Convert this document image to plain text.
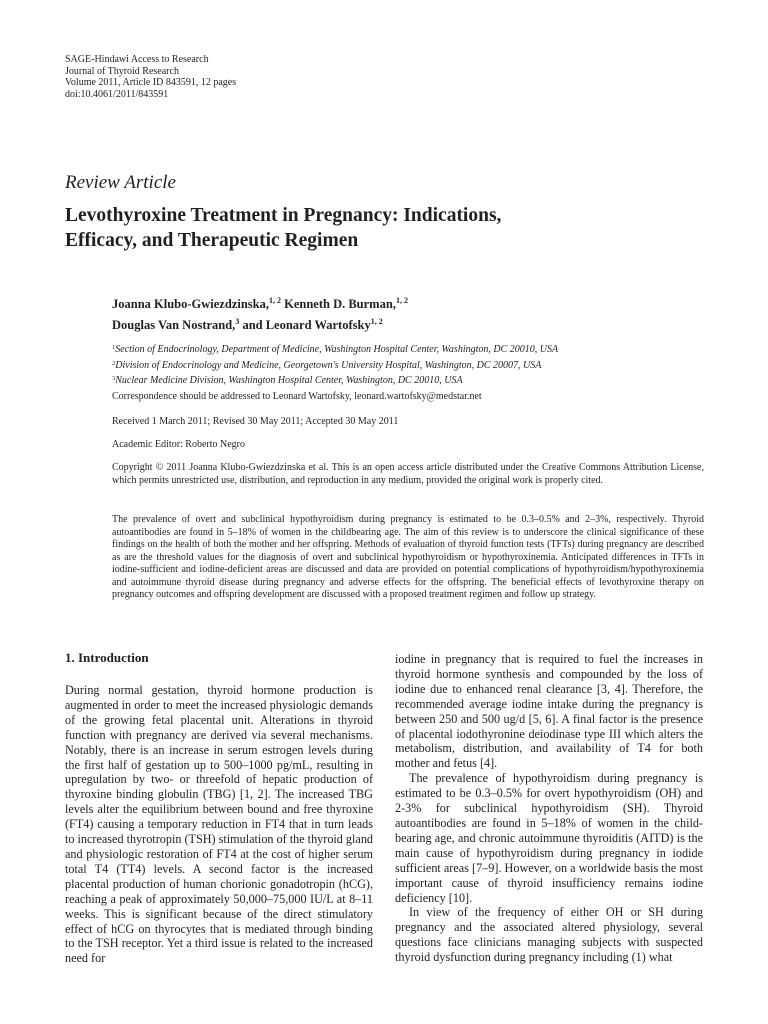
SAGE-Hindawi Access to Research
Journal of Thyroid Research
Volume 2011, Article ID 843591, 12 pages
doi:10.4061/2011/843591
Review Article
Levothyroxine Treatment in Pregnancy: Indications,
Efficacy, and Therapeutic Regimen
Joanna Klubo-Gwiezdzinska,$^{1, 2}$ Kenneth D. Burman,$^{1, 2}$
Douglas Van Nostrand,$^3$ and Leonard Wartofsky$^{1, 2}$
$^1$Section of Endocrinology, Department of Medicine, Washington Hospital Center, Washington, DC 20010, USA
$^2$Division of Endocrinology and Medicine, Georgetown's University Hospital, Washington, DC 20007, USA
$^3$Nuclear Medicine Division, Washington Hospital Center, Washington, DC 20010, USA
Correspondence should be addressed to Leonard Wartofsky, leonard.wartofsky@medstar.net
Received 1 March 2011; Revised 30 May 2011; Accepted 30 May 2011
Academic Editor: Roberto Negro
Copyright © 2011 Joanna Klubo-Gwiezdzinska et al. This is an open access article distributed under the Creative Commons Attribution License, which permits unrestricted use, distribution, and reproduction in any medium, provided the original work is properly cited.
The prevalence of overt and subclinical hypothyroidism during pregnancy is estimated to be 0.3–0.5% and 2–3%, respectively. Thyroid autoantibodies are found in 5–18% of women in the childbearing age. The aim of this review is to underscore the clinical significance of these findings on the health of both the mother and her offspring. Methods of evaluation of thyroid function tests (TFTs) during pregnancy are described as are the threshold values for the diagnosis of overt and subclinical hypothyroidism or hypothyroxinemia. Anticipated differences in TFTs in iodine-sufficient and iodine-deficient areas are discussed and data are provided on potential complications of hypothyroidism/hypothyroxinemia and autoimmune thyroid disease during pregnancy and adverse effects for the offspring. The beneficial effects of levothyroxine therapy on pregnancy outcomes and offspring development are discussed with a proposed treatment regimen and follow up strategy.
1. Introduction

During normal gestation, thyroid hormone production is augmented in order to meet the increased physiologic demands of the growing fetal placental unit. Alterations in thyroid function with pregnancy are derived via several mechanisms. Notably, there is an increase in serum estrogen levels during the first half of gestation up to 500–1000 pg/mL, resulting in upregulation by two- or threefold of hepatic production of thyroxine binding globulin (TBG) [1, 2]. The increased TBG levels alter the equilibrium between bound and free thyroxine (FT4) causing a temporary reduction in FT4 that in turn leads to increased thyrotropin (TSH) stimulation of the thyroid gland and physiologic restoration of FT4 at the cost of higher serum total T4 (TT4) levels. A second factor is the increased placental production of human chorionic gonadotropin (hCG), reaching a peak of approximately 50,000–75,000 IU/L at 8–11 weeks. This is significant because of the direct stimulatory effect of hCG on thyrocytes that is mediated through binding to the TSH receptor. Yet a third issue is related to the increased need for

iodine in pregnancy that is required to fuel the increases in thyroid hormone synthesis and compounded by the loss of iodine due to enhanced renal clearance [3, 4]. Therefore, the recommended average iodine intake during the pregnancy is between 250 and 500 ug/d [5, 6]. A final factor is the presence of placental iodothyronine deiodinase type III which alters the metabolism, distribution, and availability of T4 for both mother and fetus [4].

The prevalence of hypothyroidism during pregnancy is estimated to be 0.3–0.5% for overt hypothyroidism (OH) and 2-3% for subclinical hypothyroidism (SH). Thyroid autoantibodies are found in 5–18% of women in the child-bearing age, and chronic autoimmune thyroiditis (AITD) is the main cause of hypothyroidism during pregnancy in iodide sufficient areas [7–9]. However, on a worldwide basis the most important cause of thyroid insufficiency remains iodine deficiency [10].

In view of the frequency of either OH or SH during pregnancy and the associated altered physiology, several questions face clinicians managing subjects with suspected thyroid dysfunction during pregnancy including (1) what
